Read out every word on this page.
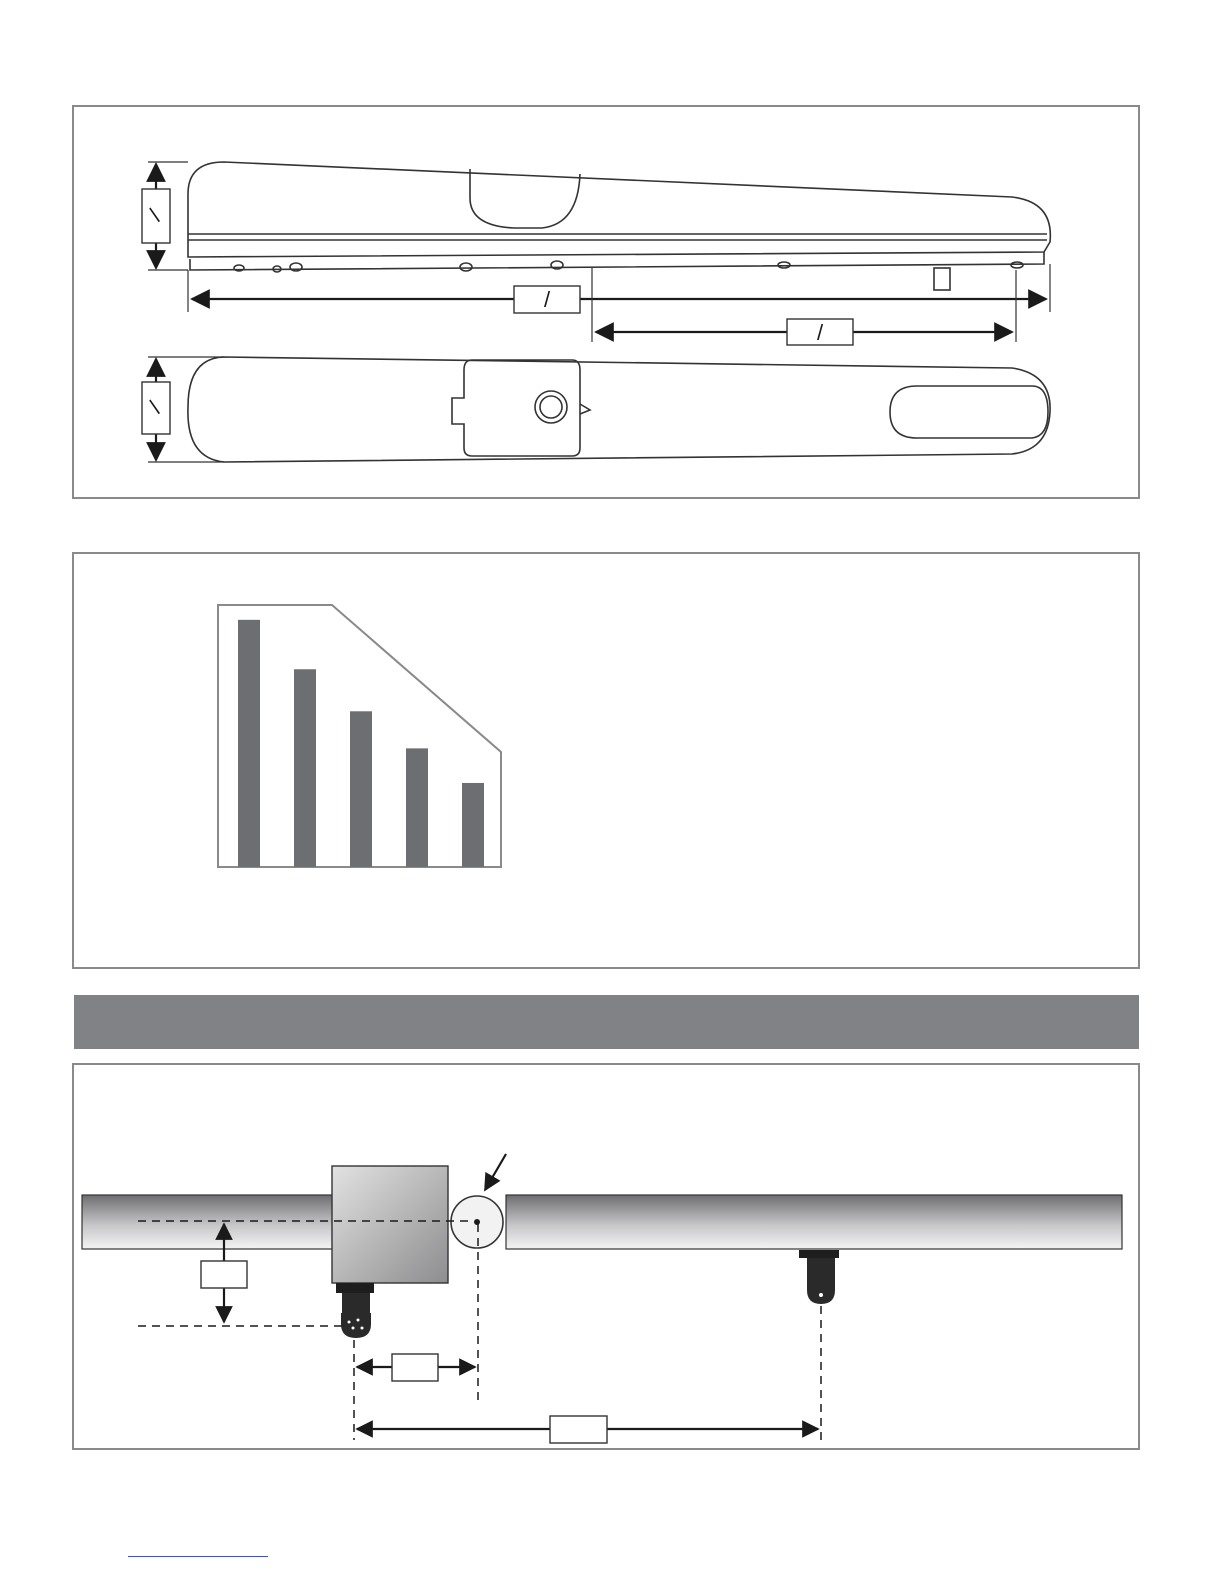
/
/
/
/
